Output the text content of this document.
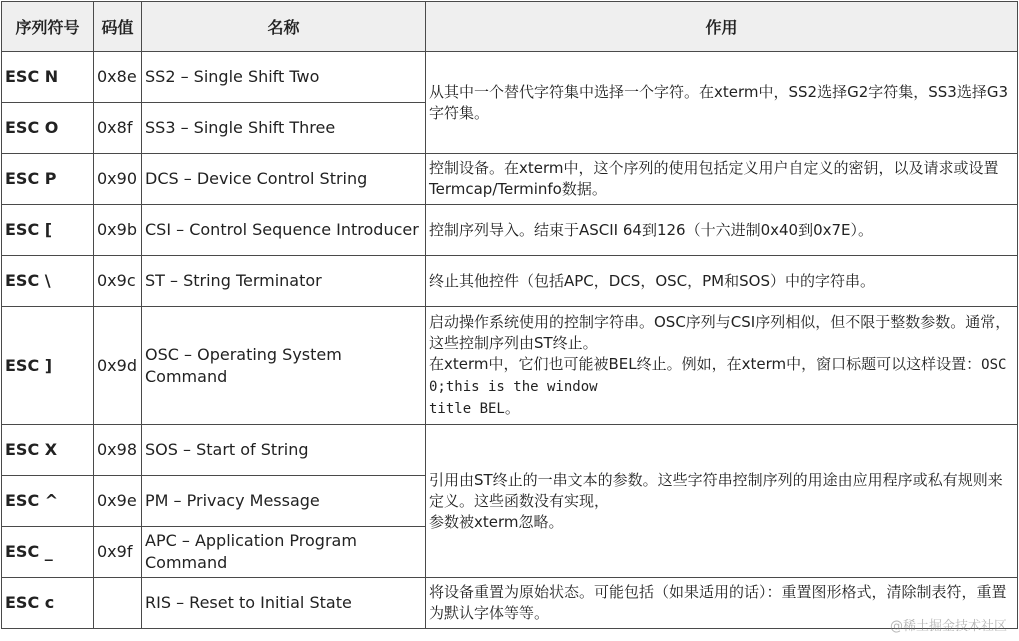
序列符号	码值	名称	作用
ESC N	0x8e	SS2 – Single Shift Two	从其中一个替代字符集中选择一个字符。在xterm中，SS2选择G2字符集，SS3选择G3字符集。
ESC O	0x8f	SS3 – Single Shift Three	
ESC P	0x90	DCS – Device Control String	控制设备。在xterm中，这个序列的使用包括定义用户自定义的密钥，以及请求或设置Termcap/Terminfo数据。
ESC [	0x9b	CSI – Control Sequence Introducer	控制序列导入。结束于ASCII 64到126（十六进制0x40到0x7E）。
ESC \	0x9c	ST – String Terminator	终止其他控件（包括APC，DCS，OSC，PM和SOS）中的字符串。
ESC ]	0x9d	OSC – Operating System Command	启动操作系统使用的控制字符串。OSC序列与CSI序列相似，但不限于整数参数。通常，这些控制序列由ST终止。
在xterm中，它们也可能被BEL终止。例如，在xterm中，窗口标题可以这样设置：OSC 0;this is the window
title BEL。
ESC X	0x98	SOS – Start of String	引用由ST终止的一串文本的参数。这些字符串控制序列的用途由应用程序或私有规则来定义。这些函数没有实现，
参数被xterm忽略。
ESC ^	0x9e	PM – Privacy Message	
ESC _	0x9f	APC – Application Program Command	
ESC c		RIS – Reset to Initial State	将设备重置为原始状态。可能包括（如果适用的话）：重置图形格式，清除制表符，重置为默认字体等等。
@稀土掘金技术社区
